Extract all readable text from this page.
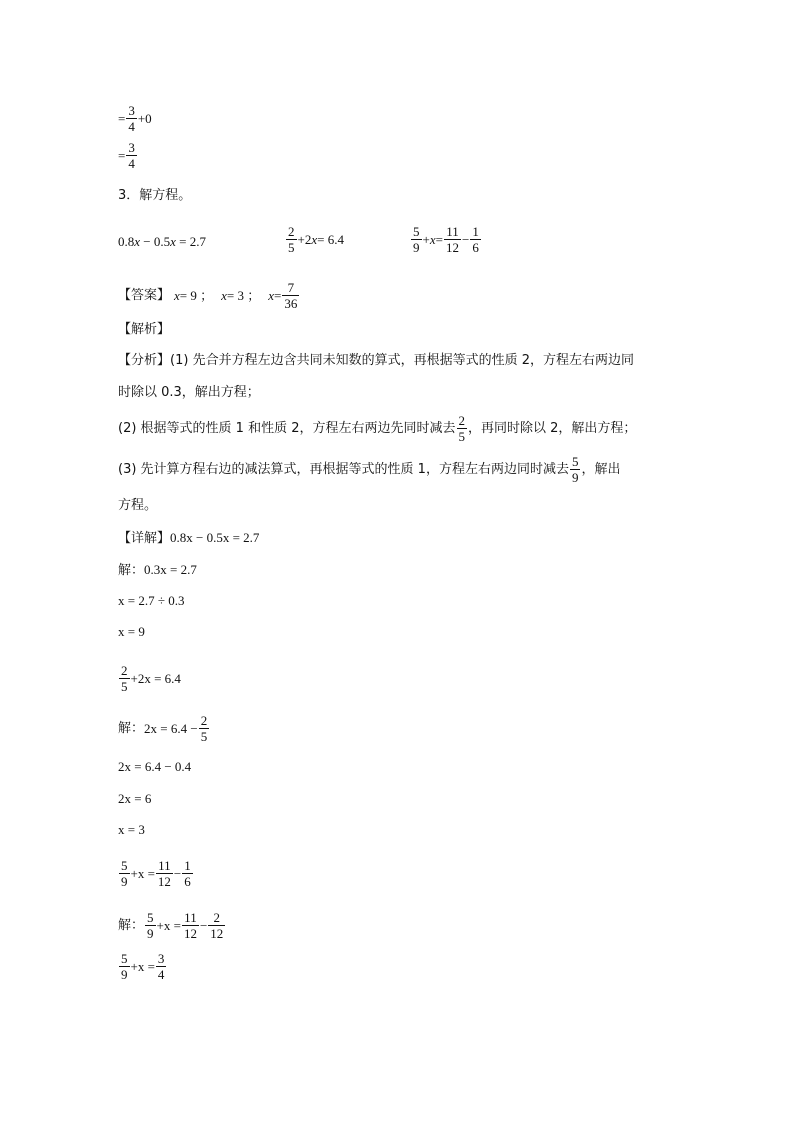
= $\frac{3}{4} +0$
= $\frac{3}{4}$
3．解方程。
0.8x − 0.5x = 2.7	$\frac{2}{5} +2$ x = 6.4	$\frac{5}{9} + x = \frac{11}{12} - \frac{1}{6}$
【答案】 x = 9 ； x = 3 ； $x = \frac{7}{36}$
【解析】
【分析】(1) 先合并方程左边含共同未知数的算式，再根据等式的性质 2，方程左右两边同
时除以 0.3，解出方程；
(2) 根据等式的性质 1 和性质 2，方程左右两边先同时减去 $\frac{2}{5}$ ，再同时除以 2，解出方程；
(3) 先计算方程右边的减法算式，再根据等式的性质 1，方程左右两边同时减去 $\frac{5}{9}$ ，解出
方程。
【详解】0.8x − 0.5x = 2.7
解：0.3x = 2.7
x = 2.7 ÷ 0.3
x = 9
$\frac{2}{5} +2x = 6.4$
解： $2x = 6.4 - \frac{2}{5}$
2x = 6.4 − 0.4
2x = 6
x = 3
$\frac{5}{9} +x = \frac{11}{12} - \frac{1}{6}$
解： $\frac{5}{9} +x = \frac{11}{12} - \frac{2}{12}$
$\frac{5}{9} +x = \frac{3}{4}$
